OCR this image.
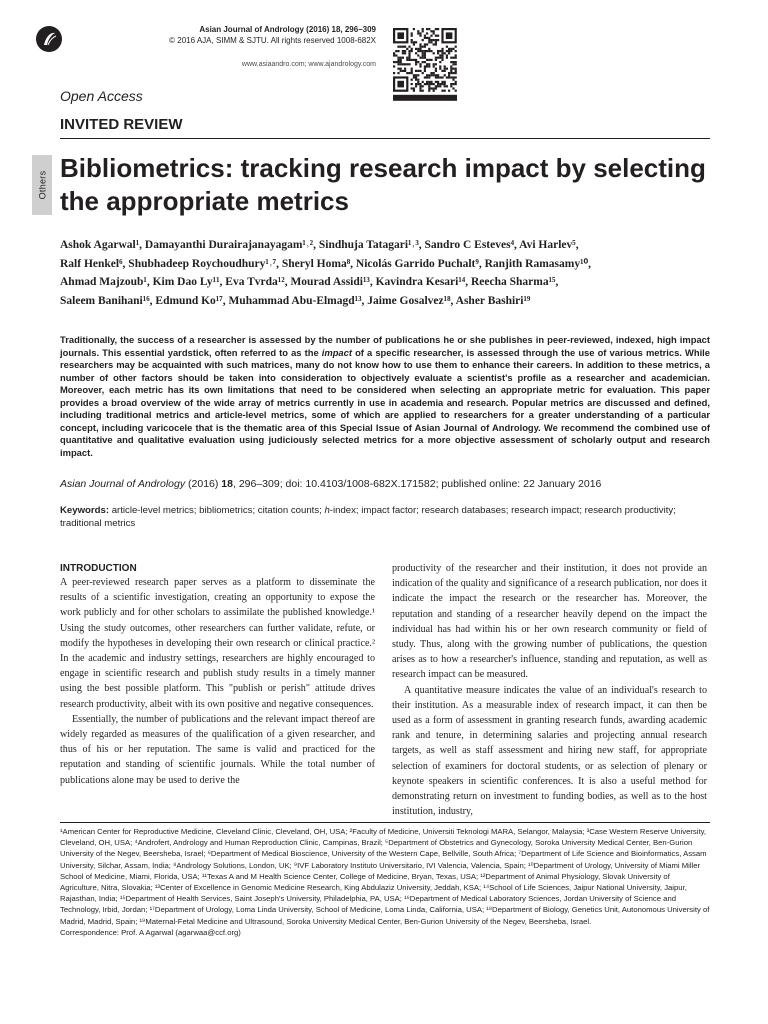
Asian Journal of Andrology (2016) 18, 296–309
© 2016 AJA, SIMM & SJTU. All rights reserved 1008-682X
www.asiaandro.com; www.ajandrology.com
Open Access
INVITED REVIEW
Others
Bibliometrics: tracking research impact by selecting the appropriate metrics
Ashok Agarwal¹, Damayanthi Durairajanayagam¹˒², Sindhuja Tatagari¹˒³, Sandro C Esteves⁴, Avi Harlev⁵,
Ralf Henkel⁶, Shubhadeep Roychoudhury¹˒⁷, Sheryl Homa⁸, Nicolás Garrido Puchalt⁹, Ranjith Ramasamy¹⁰,
Ahmad Majzoub¹, Kim Dao Ly¹¹, Eva Tvrda¹², Mourad Assidi¹³, Kavindra Kesari¹⁴, Reecha Sharma¹⁵,
Saleem Banihani¹⁶, Edmund Ko¹⁷, Muhammad Abu-Elmagd¹³, Jaime Gosalvez¹⁸, Asher Bashiri¹⁹
Traditionally, the success of a researcher is assessed by the number of publications he or she publishes in peer-reviewed, indexed, high impact journals. This essential yardstick, often referred to as the impact of a specific researcher, is assessed through the use of various metrics. While researchers may be acquainted with such matrices, many do not know how to use them to enhance their careers. In addition to these metrics, a number of other factors should be taken into consideration to objectively evaluate a scientist's profile as a researcher and academician. Moreover, each metric has its own limitations that need to be considered when selecting an appropriate metric for evaluation. This paper provides a broad overview of the wide array of metrics currently in use in academia and research. Popular metrics are discussed and defined, including traditional metrics and article-level metrics, some of which are applied to researchers for a greater understanding of a particular concept, including varicocele that is the thematic area of this Special Issue of Asian Journal of Andrology. We recommend the combined use of quantitative and qualitative evaluation using judiciously selected metrics for a more objective assessment of scholarly output and research impact.
Asian Journal of Andrology (2016) 18, 296–309; doi: 10.4103/1008-682X.171582; published online: 22 January 2016
Keywords: article-level metrics; bibliometrics; citation counts; h-index; impact factor; research databases; research impact; research productivity; traditional metrics
INTRODUCTION

A peer-reviewed research paper serves as a platform to disseminate the results of a scientific investigation, creating an opportunity to expose the work publicly and for other scholars to assimilate the published knowledge.¹ Using the study outcomes, other researchers can further validate, refute, or modify the hypotheses in developing their own research or clinical practice.² In the academic and industry settings, researchers are highly encouraged to engage in scientific research and publish study results in a timely manner using the best possible platform. This "publish or perish" attitude drives research productivity, albeit with its own positive and negative consequences.

Essentially, the number of publications and the relevant impact thereof are widely regarded as measures of the qualification of a given researcher, and thus of his or her reputation. The same is valid and practiced for the reputation and standing of scientific journals. While the total number of publications alone may be used to derive the

productivity of the researcher and their institution, it does not provide an indication of the quality and significance of a research publication, nor does it indicate the impact the research or the researcher has. Moreover, the reputation and standing of a researcher heavily depend on the impact the individual has had within his or her own research community or field of study. Thus, along with the growing number of publications, the question arises as to how a researcher's influence, standing and reputation, as well as research impact can be measured.

A quantitative measure indicates the value of an individual's research to their institution. As a measurable index of research impact, it can then be used as a form of assessment in granting research funds, awarding academic rank and tenure, in determining salaries and projecting annual research targets, as well as staff assessment and hiring new staff, for appropriate selection of examiners for doctoral students, or as selection of plenary or keynote speakers in scientific conferences. It is also a useful method for demonstrating return on investment to funding bodies, as well as to the host institution, industry,

¹American Center for Reproductive Medicine, Cleveland Clinic, Cleveland, OH, USA; ²Faculty of Medicine, Universiti Teknologi MARA, Selangor, Malaysia; ³Case Western Reserve University, Cleveland, OH, USA; ⁴Androfert, Andrology and Human Reproduction Clinic, Campinas, Brazil; ⁵Department of Obstetrics and Gynecology, Soroka University Medical Center, Ben-Gurion University of the Negev, Beersheba, Israel; ⁶Department of Medical Bioscience, University of the Western Cape, Bellville, South Africa; ⁷Department of Life Science and Bioinformatics, Assam University, Silchar, Assam, India; ⁸Andrology Solutions, London, UK; ⁹IVF Laboratory Instituto Universitario, IVI Valencia, Valencia, Spain; ¹⁰Department of Urology, University of Miami Miller School of Medicine, Miami, Florida, USA; ¹¹Texas A and M Health Science Center, College of Medicine, Bryan, Texas, USA; ¹²Department of Animal Physiology, Slovak University of Agriculture, Nitra, Slovakia; ¹³Center of Excellence in Genomic Medicine Research, King Abdulaziz University, Jeddah, KSA; ¹⁴School of Life Sciences, Jaipur National University, Jaipur, Rajasthan, India; ¹⁵Department of Health Services, Saint Joseph's University, Philadelphia, PA, USA; ¹⁶Department of Medical Laboratory Sciences, Jordan University of Science and Technology, Irbid, Jordan; ¹⁷Department of Urology, Loma Linda University, School of Medicine, Loma Linda, California, USA; ¹⁸Department of Biology, Genetics Unit, Autonomous University of Madrid, Madrid, Spain; ¹⁹Maternal-Fetal Medicine and Ultrasound, Soroka University Medical Center, Ben-Gurion University of the Negev, Beersheba, Israel.
Correspondence: Prof. A Agarwal (agarwaa@ccf.org)
